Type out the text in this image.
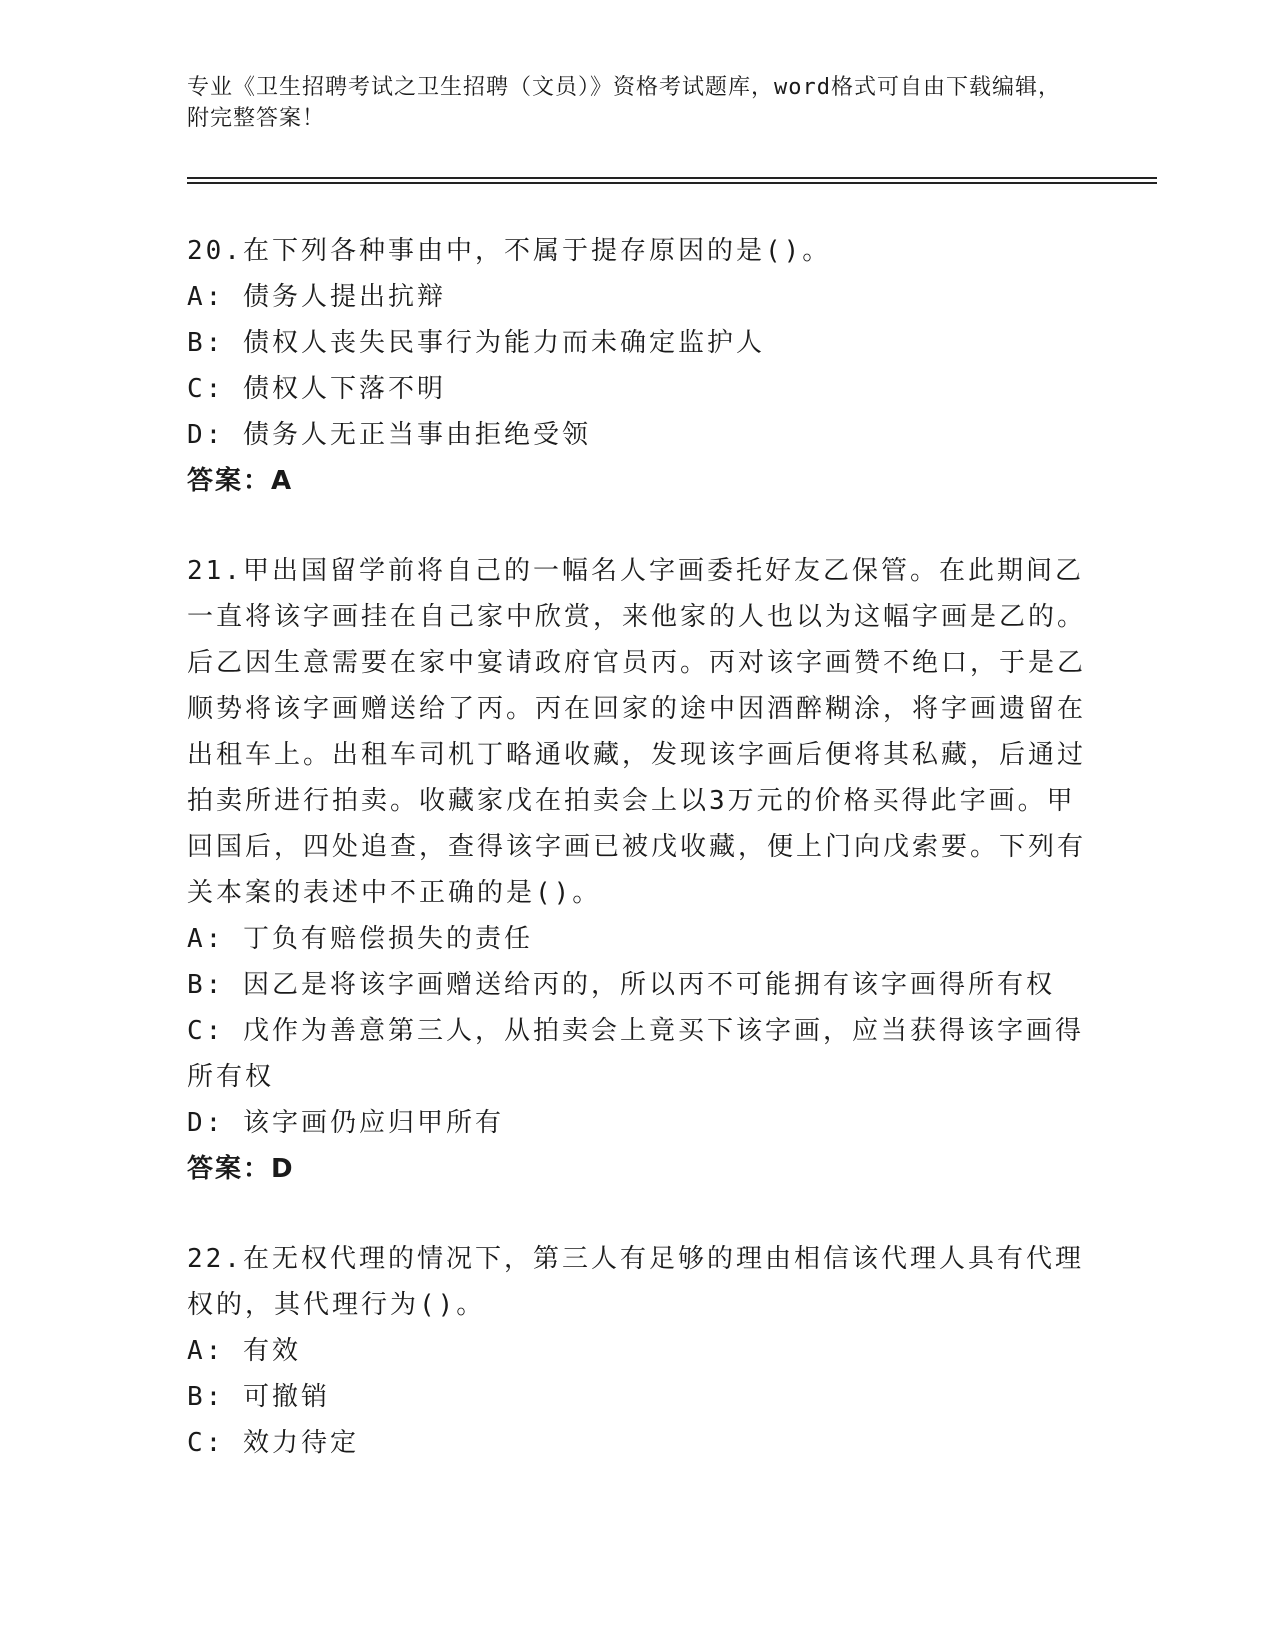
专业《卫生招聘考试之卫生招聘（文员）》资格考试题库，word格式可自由下载编辑，附完整答案！

20.在下列各种事由中，不属于提存原因的是()。

A: 债务人提出抗辩

B: 债权人丧失民事行为能力而未确定监护人

C: 债权人下落不明

D: 债务人无正当事由拒绝受领

答案：A

21.甲出国留学前将自己的一幅名人字画委托好友乙保管。在此期间乙一直将该字画挂在自己家中欣赏，来他家的人也以为这幅字画是乙的。后乙因生意需要在家中宴请政府官员丙。丙对该字画赞不绝口，于是乙顺势将该字画赠送给了丙。丙在回家的途中因酒醉糊涂，将字画遗留在出租车上。出租车司机丁略通收藏，发现该字画后便将其私藏，后通过拍卖所进行拍卖。收藏家戊在拍卖会上以3万元的价格买得此字画。甲回国后，四处追查，查得该字画已被戊收藏，便上门向戊索要。下列有关本案的表述中不正确的是()。

A: 丁负有赔偿损失的责任

B: 因乙是将该字画赠送给丙的，所以丙不可能拥有该字画得所有权

C: 戊作为善意第三人，从拍卖会上竟买下该字画，应当获得该字画得所有权

D: 该字画仍应归甲所有

答案：D

22.在无权代理的情况下，第三人有足够的理由相信该代理人具有代理权的，其代理行为()。

A: 有效

B: 可撤销

C: 效力待定
